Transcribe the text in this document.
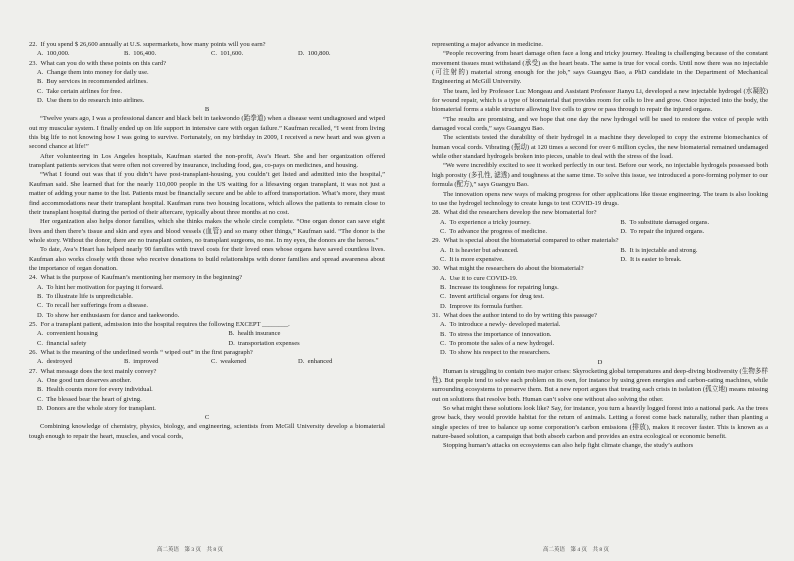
22. If you spend $ 26,600 annually at U.S. supermarkets, how many points will you earn?

A. 100,000.	B. 106,400.	C. 101,600.	D. 100,800.

23. What can you do with these points on this card?

A. Change them into money for daily use.

B. Buy services in recommended airlines.

C. Take certain airlines for free.

D. Use them to do research into airlines.

B

“Twelve years ago, I was a professional dancer and black belt in taekwondo (跆拳道) when a disease went undiagnosed and wiped out my muscular system. I finally ended up on life support in intensive care with organ failure.” Kaufman recalled, “I went from living this big life to not knowing how I was going to survive. Fortunately, on my birthday in 2009, I received a new heart and was given a second chance at life!”

After volunteering in Los Angeles hospitals, Kaufman started the non-profit, Ava’s Heart. She and her organization offered transplant patients services that were often not covered by insurance, including food, gas, co-pays on medicines, and housing.

“What I found out was that if you didn’t have post-transplant-housing, you couldn’t get listed and admitted into the hospital,” Kaufman said. She learned that for the nearly 110,000 people in the US waiting for a lifesaving organ transplant, it was not just a matter of adding your name to the list. Patients must be financially secure and be able to afford transportation. What’s more, they must find accommodations near their transplant hospital. Kaufman runs two housing locations, which allows the patients to remain close to their transplant hospital during the period of their aftercare, typically about three months at no cost.

Her organization also helps donor families, which she thinks makes the whole circle complete. “One organ donor can save eight lives and then there’s tissue and skin and eyes and blood vessels (血管) and so many other things,” Kaufman said. “The donor is the whole story. Without the donor, there are no transplant centers, no transplant surgeons, no me. In my eyes, the donors are the heroes.”

To date, Ava’s Heart has helped nearly 90 families with travel costs for their loved ones whose organs have saved countless lives. Kaufman also works closely with those who receive donations to build relationships with donor families and spread awareness about the importance of organ donation.

24. What is the purpose of Kaufman’s mentioning her memory in the beginning?

A. To hint her motivation for paying it forward.

B. To illustrate life is unpredictable.

C. To recall her sufferings from a disease.

D. To show her enthusiasm for dance and taekwondo.

25. For a transplant patient, admission into the hospital requires the following EXCEPT ________.

A. convenient housing	B. health insurance
C. financial safety	D. transportation expenses

26. What is the meaning of the underlined words “ wiped out” in the first paragraph?

A. destroyed	B. improved	C. weakened	D. enhanced

27. What message does the text mainly convey?

A. One good turn deserves another.

B. Health counts more for every individual.

C. The blessed bear the heart of giving.

D. Donors are the whole story for transplant.

C

Combining knowledge of chemistry, physics, biology, and engineering, scientists from McGill University develop a biomaterial tough enough to repair the heart, muscles, and vocal cords,

representing a major advance in medicine.

“People recovering from heart damage often face a long and tricky journey. Healing is challenging because of the constant movement tissues must withstand (承受) as the heart beats. The same is true for vocal cords. Until now there was no injectable (可注射的) material strong enough for the job,” says Guangyu Bao, a PhD candidate in the Department of Mechanical Engineering at McGill University.

The team, led by Professor Luc Mongeau and Assistant Professor Jianyu Li, developed a new injectable hydrogel (水凝胶) for wound repair, which is a type of biomaterial that provides room for cells to live and grow. Once injected into the body, the biomaterial forms a stable structure allowing live cells to grow or pass through to repair the injured organs.

“The results are promising, and we hope that one day the new hydrogel will be used to restore the voice of people with damaged vocal cords,” says Guangyu Bao.

The scientists tested the durability of their hydrogel in a machine they developed to copy the extreme biomechanics of human vocal cords. Vibrating (振动) at 120 times a second for over 6 million cycles, the new biomaterial remained undamaged while other standard hydrogels broken into pieces, unable to deal with the stress of the load.

“We were incredibly excited to see it worked perfectly in our test. Before our work, no injectable hydrogels possessed both high porosity (多孔性, 滤透) and toughness at the same time. To solve this issue, we introduced a pore-forming polymer to our formula (配方),” says Guangyu Bao.

The innovation opens new ways of making progress for other applications like tissue engineering. The team is also looking to use the hydrogel technology to create lungs to test COVID-19 drugs.

28. What did the researchers develop the new biomaterial for?

A. To experience a tricky journey.	B. To substitute damaged organs.
C. To advance the progress of medicine.	D. To repair the injured organs.

29. What is special about the biomaterial compared to other materials?

A. It is heavier but advanced.	B. It is injectable and strong.
C. It is more expensive.	D. It is easier to break.

30. What might the researchers do about the biomaterial?

A. Use it to cure COVID-19.

B. Increase its toughness for repairing lungs.

C. Invent artificial organs for drug test.

D. Improve its formula further.

31. What does the author intend to do by writing this passage?

A. To introduce a newly- developed material.

B. To stress the importance of innovation.

C. To promote the sales of a new hydrogel.

D. To show his respect to the researchers.

D

Human is struggling to contain two major crises: Skyrocketing global temperatures and deep-diving biodiversity (生物多样性). But people tend to solve each problem on its own, for instance by using green energies and carbon-cating machines, while surrounding ecosystems to preserve them. But a new report argues that treating each crisis in isolation (孤立地) means missing out on solutions that resolve both. Human can’t solve one without also solving the other.

So what might these solutions look like? Say, for instance, you turn a heavily logged forest into a national park. As the trees grow back, they would provide habitat for the return of animals. Letting a forest come back naturally, rather than planting a single species of tree to balance up some corporation’s carbon emissions (排放), makes it recover faster. This is known as a nature-based solution, a campaign that both absorb carbon and provides an extra ecological or economic benefit.

Stopping human’s attacks on ecosystems can also help fight climate change, the study’s authors

高二英语　第 3 页　共 8 页	高二英语　第 4 页　共 8 页
